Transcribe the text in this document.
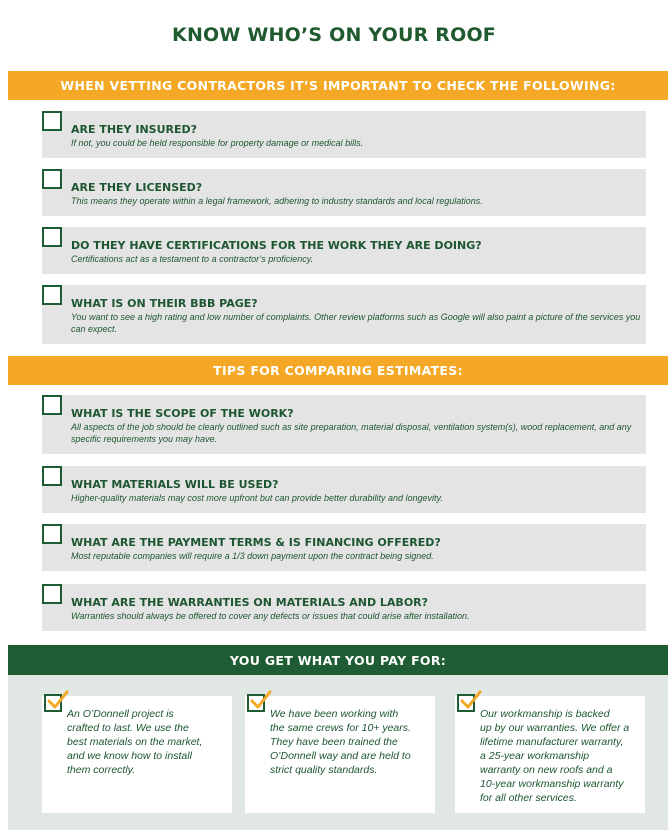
KNOW WHO’S ON YOUR ROOF
WHEN VETTING CONTRACTORS IT’S IMPORTANT TO CHECK THE FOLLOWING:
ARE THEY INSURED?
If not, you could be held responsible for property damage or medical bills.
ARE THEY LICENSED?
This means they operate within a legal framework, adhering to industry standards and local regulations.
DO THEY HAVE CERTIFICATIONS FOR THE WORK THEY ARE DOING?
Certifications act as a testament to a contractor’s proficiency.
WHAT IS ON THEIR BBB PAGE?
You want to see a high rating and low number of complaints. Other review platforms such as Google will also paint a picture of the services you can expect.
TIPS FOR COMPARING ESTIMATES:
WHAT IS THE SCOPE OF THE WORK?
All aspects of the job should be clearly outlined such as site preparation, material disposal, ventilation system(s), wood replacement, and any specific requirements you may have.
WHAT MATERIALS WILL BE USED?
Higher-quality materials may cost more upfront but can provide better durability and longevity.
WHAT ARE THE PAYMENT TERMS & IS FINANCING OFFERED?
Most reputable companies will require a 1/3 down payment upon the contract being signed.
WHAT ARE THE WARRANTIES ON MATERIALS AND LABOR?
Warranties should always be offered to cover any defects or issues that could arise after installation.
YOU GET WHAT YOU PAY FOR:
An O’Donnell project is
crafted to last. We use the
best materials on the market,
and we know how to install
them correctly.
We have been working with
the same crews for 10+ years.
They have been trained the
O’Donnell way and are held to
strict quality standards.
Our workmanship is backed
up by our warranties. We offer a
lifetime manufacturer warranty,
a 25-year workmanship
warranty on new roofs and a
10-year workmanship warranty
for all other services.
